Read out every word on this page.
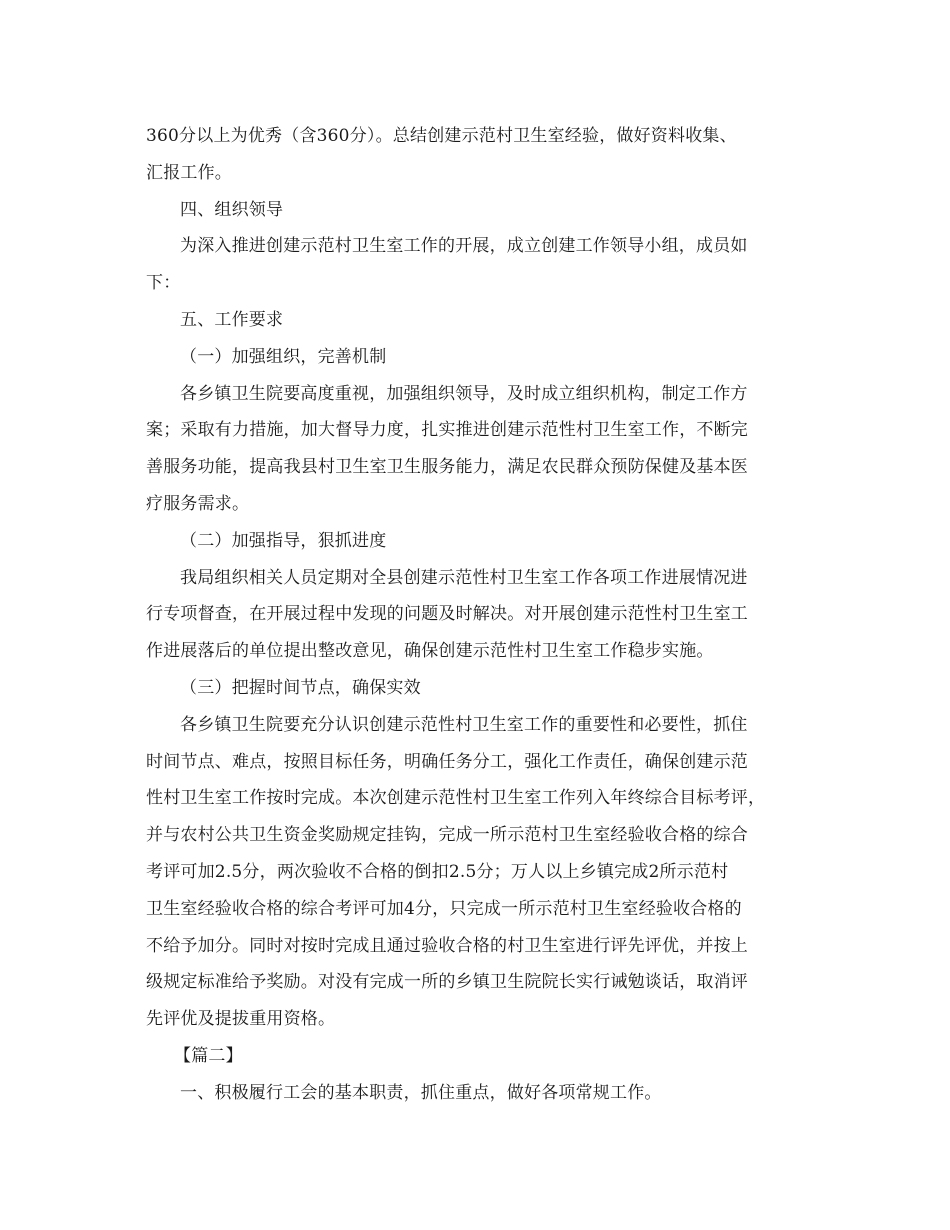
360分以上为优秀（含360分）。总结创建示范村卫生室经验，做好资料收集、
汇报工作。
四、组织领导
为深入推进创建示范村卫生室工作的开展，成立创建工作领导小组，成员如
下：
五、工作要求
（一）加强组织，完善机制
各乡镇卫生院要高度重视，加强组织领导，及时成立组织机构，制定工作方
案；采取有力措施，加大督导力度，扎实推进创建示范性村卫生室工作，不断完
善服务功能，提高我县村卫生室卫生服务能力，满足农民群众预防保健及基本医
疗服务需求。
（二）加强指导，狠抓进度
我局组织相关人员定期对全县创建示范性村卫生室工作各项工作进展情况进
行专项督查，在开展过程中发现的问题及时解决。对开展创建示范性村卫生室工
作进展落后的单位提出整改意见，确保创建示范性村卫生室工作稳步实施。
（三）把握时间节点，确保实效
各乡镇卫生院要充分认识创建示范性村卫生室工作的重要性和必要性，抓住
时间节点、难点，按照目标任务，明确任务分工，强化工作责任，确保创建示范
性村卫生室工作按时完成。本次创建示范性村卫生室工作列入年终综合目标考评，
并与农村公共卫生资金奖励规定挂钩，完成一所示范村卫生室经验收合格的综合
考评可加2.5分，两次验收不合格的倒扣2.5分；万人以上乡镇完成2所示范村
卫生室经验收合格的综合考评可加4分，只完成一所示范村卫生室经验收合格的
不给予加分。同时对按时完成且通过验收合格的村卫生室进行评先评优，并按上
级规定标准给予奖励。对没有完成一所的乡镇卫生院院长实行诫勉谈话，取消评
先评优及提拔重用资格。
【篇二】
一、积极履行工会的基本职责，抓住重点，做好各项常规工作。
